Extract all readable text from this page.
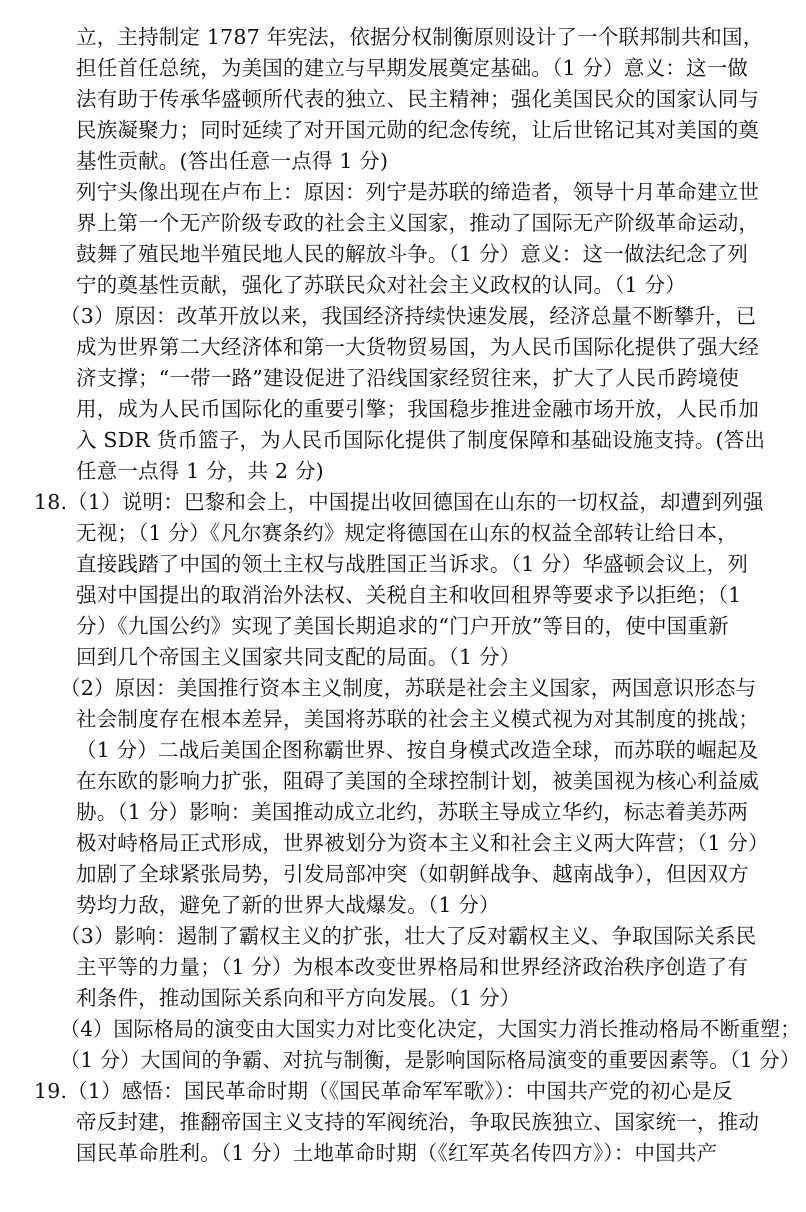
立，主持制定 1787 年宪法，依据分权制衡原则设计了一个联邦制共和国，
担任首任总统，为美国的建立与早期发展奠定基础。（1 分）意义：这一做
法有助于传承华盛顿所代表的独立、民主精神；强化美国民众的国家认同与
民族凝聚力；同时延续了对开国元勋的纪念传统，让后世铭记其对美国的奠
基性贡献。(答出任意一点得 1 分)
列宁头像出现在卢布上：原因：列宁是苏联的缔造者，领导十月革命建立世
界上第一个无产阶级专政的社会主义国家，推动了国际无产阶级革命运动，
鼓舞了殖民地半殖民地人民的解放斗争。（1 分）意义：这一做法纪念了列
宁的奠基性贡献，强化了苏联民众对社会主义政权的认同。（1 分）
（3）原因：改革开放以来，我国经济持续快速发展，经济总量不断攀升，已
成为世界第二大经济体和第一大货物贸易国，为人民币国际化提供了强大经
济支撑；“一带一路”建设促进了沿线国家经贸往来，扩大了人民币跨境使
用，成为人民币国际化的重要引擎；我国稳步推进金融市场开放，人民币加
入 SDR 货币篮子，为人民币国际化提供了制度保障和基础设施支持。(答出
任意一点得 1 分，共 2 分)
18.（1）说明：巴黎和会上，中国提出收回德国在山东的一切权益，却遭到列强
无视；（1 分）《凡尔赛条约》规定将德国在山东的权益全部转让给日本，
直接践踏了中国的领土主权与战胜国正当诉求。（1 分）华盛顿会议上，列
强对中国提出的取消治外法权、关税自主和收回租界等要求予以拒绝；（1
分）《九国公约》实现了美国长期追求的“门户开放”等目的，使中国重新
回到几个帝国主义国家共同支配的局面。（1 分）
（2）原因：美国推行资本主义制度，苏联是社会主义国家，两国意识形态与
社会制度存在根本差异，美国将苏联的社会主义模式视为对其制度的挑战；
（1 分）二战后美国企图称霸世界、按自身模式改造全球，而苏联的崛起及
在东欧的影响力扩张，阻碍了美国的全球控制计划，被美国视为核心利益威
胁。（1 分）影响：美国推动成立北约，苏联主导成立华约，标志着美苏两
极对峙格局正式形成，世界被划分为资本主义和社会主义两大阵营；（1 分）
加剧了全球紧张局势，引发局部冲突（如朝鲜战争、越南战争），但因双方
势均力敌，避免了新的世界大战爆发。（1 分）
（3）影响：遏制了霸权主义的扩张，壮大了反对霸权主义、争取国际关系民
主平等的力量；（1 分）为根本改变世界格局和世界经济政治秩序创造了有
利条件，推动国际关系向和平方向发展。（1 分）
（4）国际格局的演变由大国实力对比变化决定，大国实力消长推动格局不断重塑；
（1 分）大国间的争霸、对抗与制衡，是影响国际格局演变的重要因素等。（1 分）
19.（1）感悟：国民革命时期（《国民革命军军歌》）：中国共产党的初心是反
帝反封建，推翻帝国主义支持的军阀统治，争取民族独立、国家统一，推动
国民革命胜利。（1 分）土地革命时期（《红军英名传四方》）：中国共产
